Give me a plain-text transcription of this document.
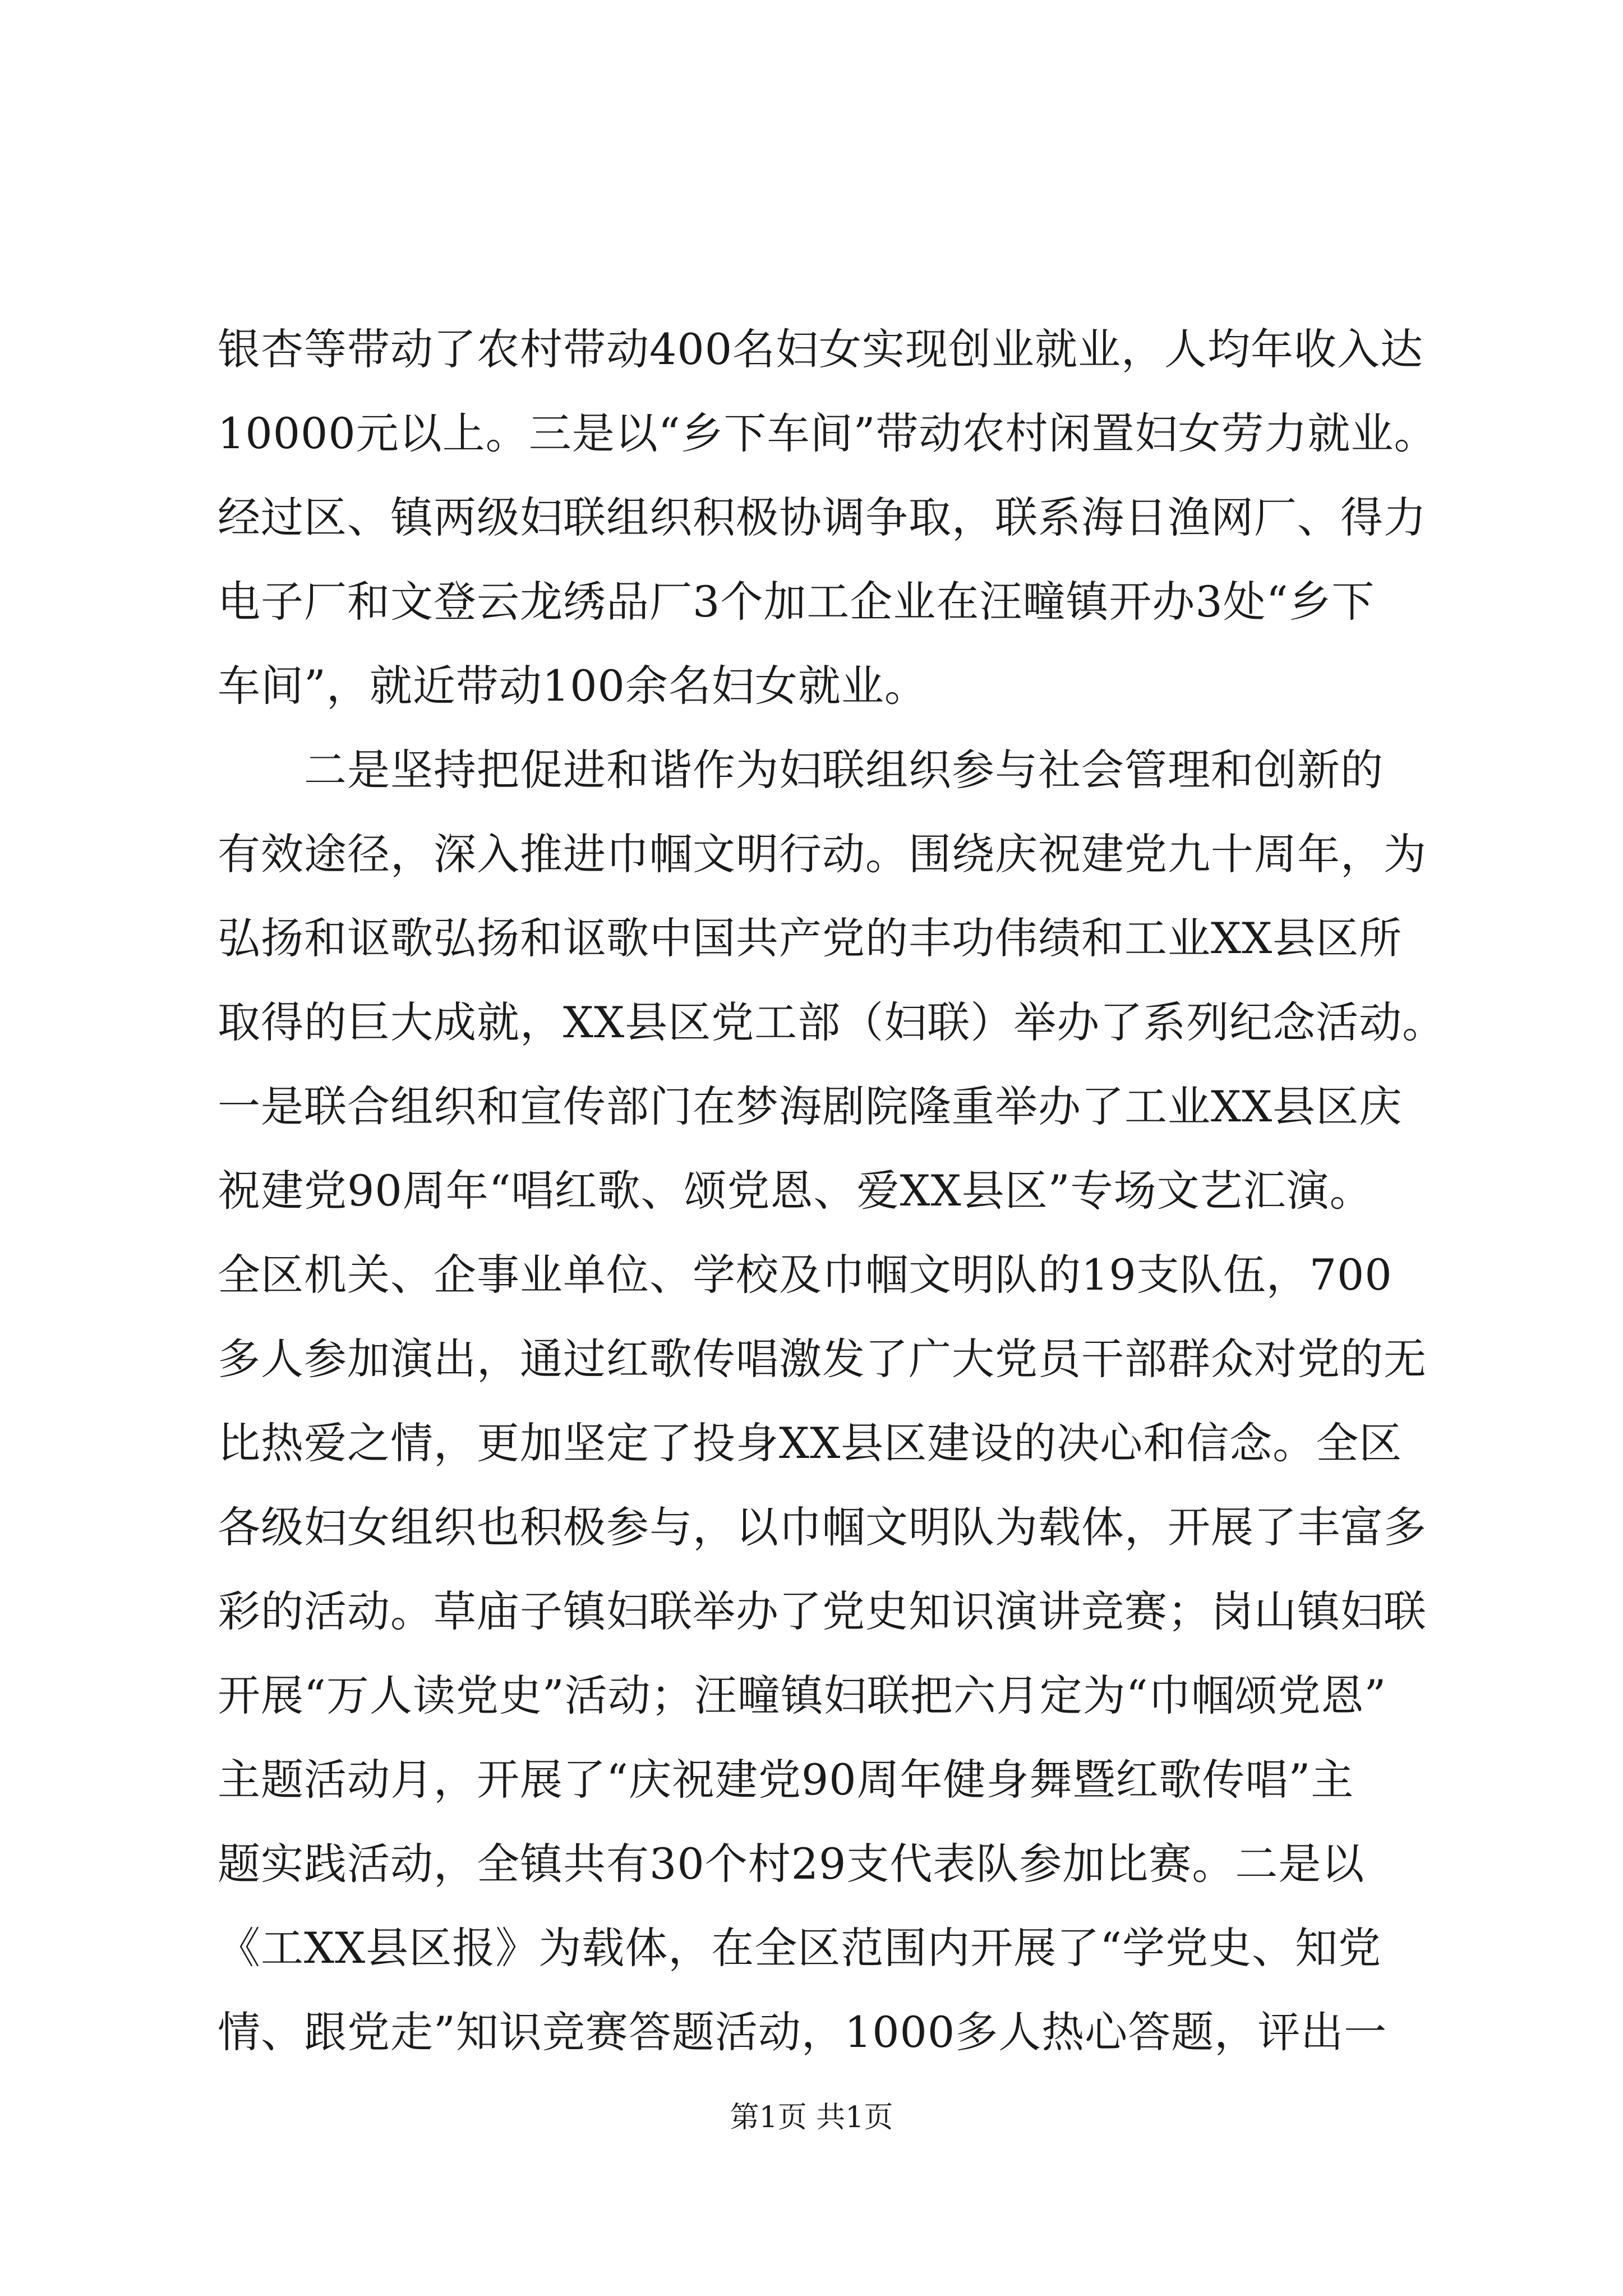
银杏等带动了农村带动400名妇女实现创业就业，人均年收入达
10000元以上。三是以“乡下车间”带动农村闲置妇女劳力就业。
经过区、镇两级妇联组织积极协调争取，联系海日渔网厂、得力
电子厂和文登云龙绣品厂3个加工企业在汪疃镇开办3处“乡下
车间”，就近带动100余名妇女就业。
　　二是坚持把促进和谐作为妇联组织参与社会管理和创新的
有效途径，深入推进巾帼文明行动。围绕庆祝建党九十周年，为
弘扬和讴歌弘扬和讴歌中国共产党的丰功伟绩和工业XX县区所
取得的巨大成就，XX县区党工部（妇联）举办了系列纪念活动。
一是联合组织和宣传部门在梦海剧院隆重举办了工业XX县区庆
祝建党90周年“唱红歌、颂党恩、爱XX县区”专场文艺汇演。
全区机关、企事业单位、学校及巾帼文明队的19支队伍，700
多人参加演出，通过红歌传唱激发了广大党员干部群众对党的无
比热爱之情，更加坚定了投身XX县区建设的决心和信念。全区
各级妇女组织也积极参与，以巾帼文明队为载体，开展了丰富多
彩的活动。草庙子镇妇联举办了党史知识演讲竞赛；岗山镇妇联
开展“万人读党史”活动；汪疃镇妇联把六月定为“巾帼颂党恩”
主题活动月，开展了“庆祝建党90周年健身舞暨红歌传唱”主
题实践活动，全镇共有30个村29支代表队参加比赛。二是以
《工XX县区报》为载体，在全区范围内开展了“学党史、知党
情、跟党走”知识竞赛答题活动，1000多人热心答题，评出一
第1页 共1页
